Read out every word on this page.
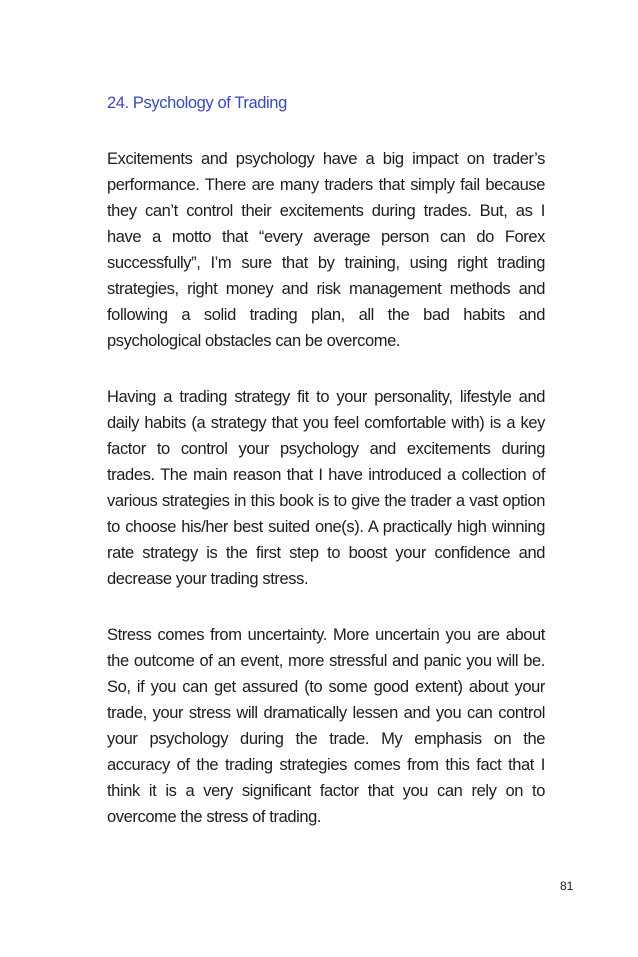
24. Psychology of Trading

Excitements and psychology have a big impact on trader’s performance. There are many traders that simply fail because they can’t control their excitements during trades. But, as I have a motto that “every average person can do Forex successfully”, I’m sure that by training, using right trading strategies, right money and risk management methods and following a solid trading plan, all the bad habits and psychological obstacles can be overcome.

Having a trading strategy fit to your personality, lifestyle and daily habits (a strategy that you feel comfortable with) is a key factor to control your psychology and excitements during trades. The main reason that I have introduced a collection of various strategies in this book is to give the trader a vast option to choose his/her best suited one(s). A practically high winning rate strategy is the first step to boost your confidence and decrease your trading stress.

Stress comes from uncertainty. More uncertain you are about the outcome of an event, more stressful and panic you will be. So, if you can get assured (to some good extent) about your trade, your stress will dramatically lessen and you can control your psychology during the trade. My emphasis on the accuracy of the trading strategies comes from this fact that I think it is a very significant factor that you can rely on to overcome the stress of trading.

81
